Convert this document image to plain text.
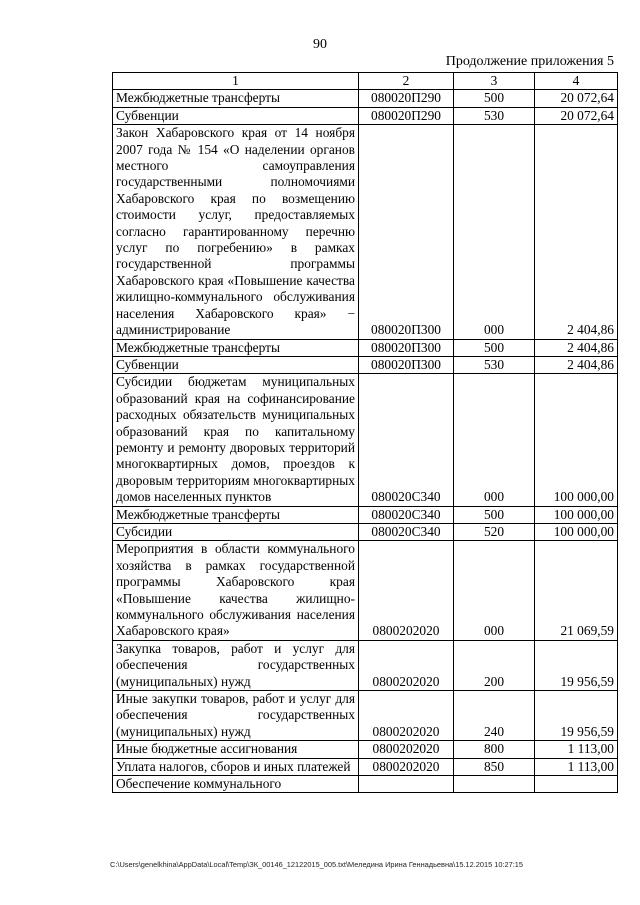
90
Продолжение приложения 5
1	2	3	4
Межбюджетные трансферты	080020П290	500	20 072,64
Субвенции	080020П290	530	20 072,64
Закон Хабаровского края от 14 ноября 2007 года № 154 «О наделении органов местного самоуправления государственными полномочиями Хабаровского края по возмещению стоимости услуг, предоставляемых согласно гарантированному перечню услуг по погребению» в рамках государственной программы Хабаровского края «Повышение качества жилищно-коммунального обслуживания населения Хабаровского края» − администрирование	080020П300	000	2 404,86
Межбюджетные трансферты	080020П300	500	2 404,86
Субвенции	080020П300	530	2 404,86
Субсидии бюджетам муниципальных образований края на софинансирование расходных обязательств муниципальных образований края по капитальному ремонту и ремонту дворовых территорий многоквартирных домов, проездов к дворовым территориям многоквартирных домов населенных пунктов	080020С340	000	100 000,00
Межбюджетные трансферты	080020С340	500	100 000,00
Субсидии	080020С340	520	100 000,00
Мероприятия в области коммунального хозяйства в рамках государственной программы Хабаровского края «Повышение качества жилищно-коммунального обслуживания населения Хабаровского края»	0800202020	000	21 069,59
Закупка товаров, работ и услуг для обеспечения государственных (муниципальных) нужд	0800202020	200	19 956,59
Иные закупки товаров, работ и услуг для обеспечения государственных (муниципальных) нужд	0800202020	240	19 956,59
Иные бюджетные ассигнования	0800202020	800	1 113,00
Уплата налогов, сборов и иных платежей	0800202020	850	1 113,00
Обеспечение коммунального			
C:\Users\genelkhina\AppData\Local\Temp\ЗК_00146_12122015_005.txt\Меледина Ирина Геннадьевна\15.12.2015 10:27:15
